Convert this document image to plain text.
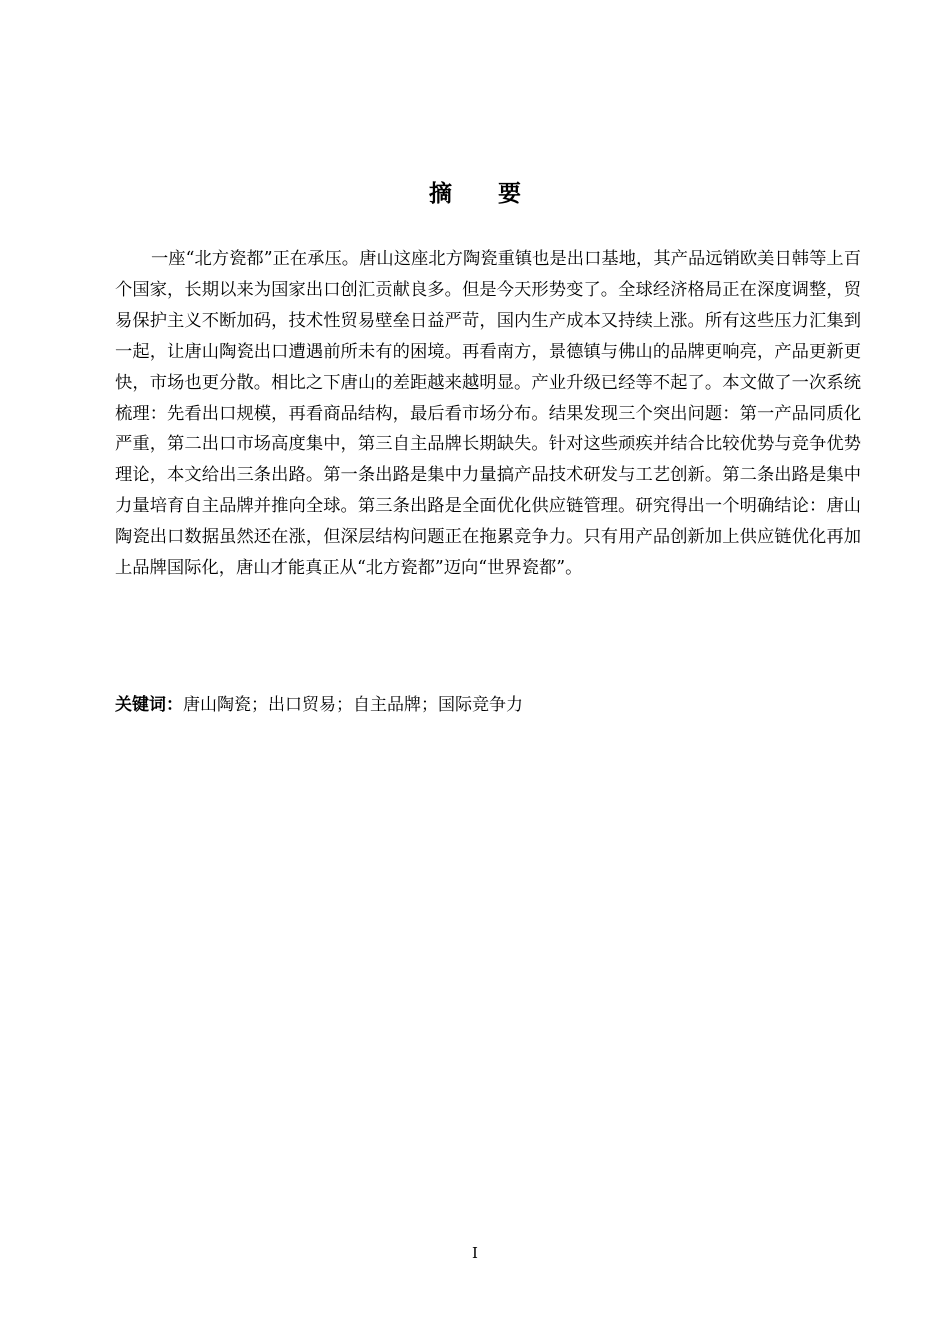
摘 要

一座“北方瓷都”正在承压。唐山这座北方陶瓷重镇也是出口基地，其产品远销欧美日韩等上百个国家，长期以来为国家出口创汇贡献良多。但是今天形势变了。全球经济格局正在深度调整，贸易保护主义不断加码，技术性贸易壁垒日益严苛，国内生产成本又持续上涨。所有这些压力汇集到一起，让唐山陶瓷出口遭遇前所未有的困境。再看南方，景德镇与佛山的品牌更响亮，产品更新更快，市场也更分散。相比之下唐山的差距越来越明显。产业升级已经等不起了。本文做了一次系统梳理：先看出口规模，再看商品结构，最后看市场分布。结果发现三个突出问题：第一产品同质化严重，第二出口市场高度集中，第三自主品牌长期缺失。针对这些顽疾并结合比较优势与竞争优势理论，本文给出三条出路。第一条出路是集中力量搞产品技术研发与工艺创新。第二条出路是集中力量培育自主品牌并推向全球。第三条出路是全面优化供应链管理。研究得出一个明确结论：唐山陶瓷出口数据虽然还在涨，但深层结构问题正在拖累竞争力。只有用产品创新加上供应链优化再加上品牌国际化，唐山才能真正从“北方瓷都”迈向“世界瓷都”。

关键词：唐山陶瓷；出口贸易；自主品牌；国际竞争力

I
